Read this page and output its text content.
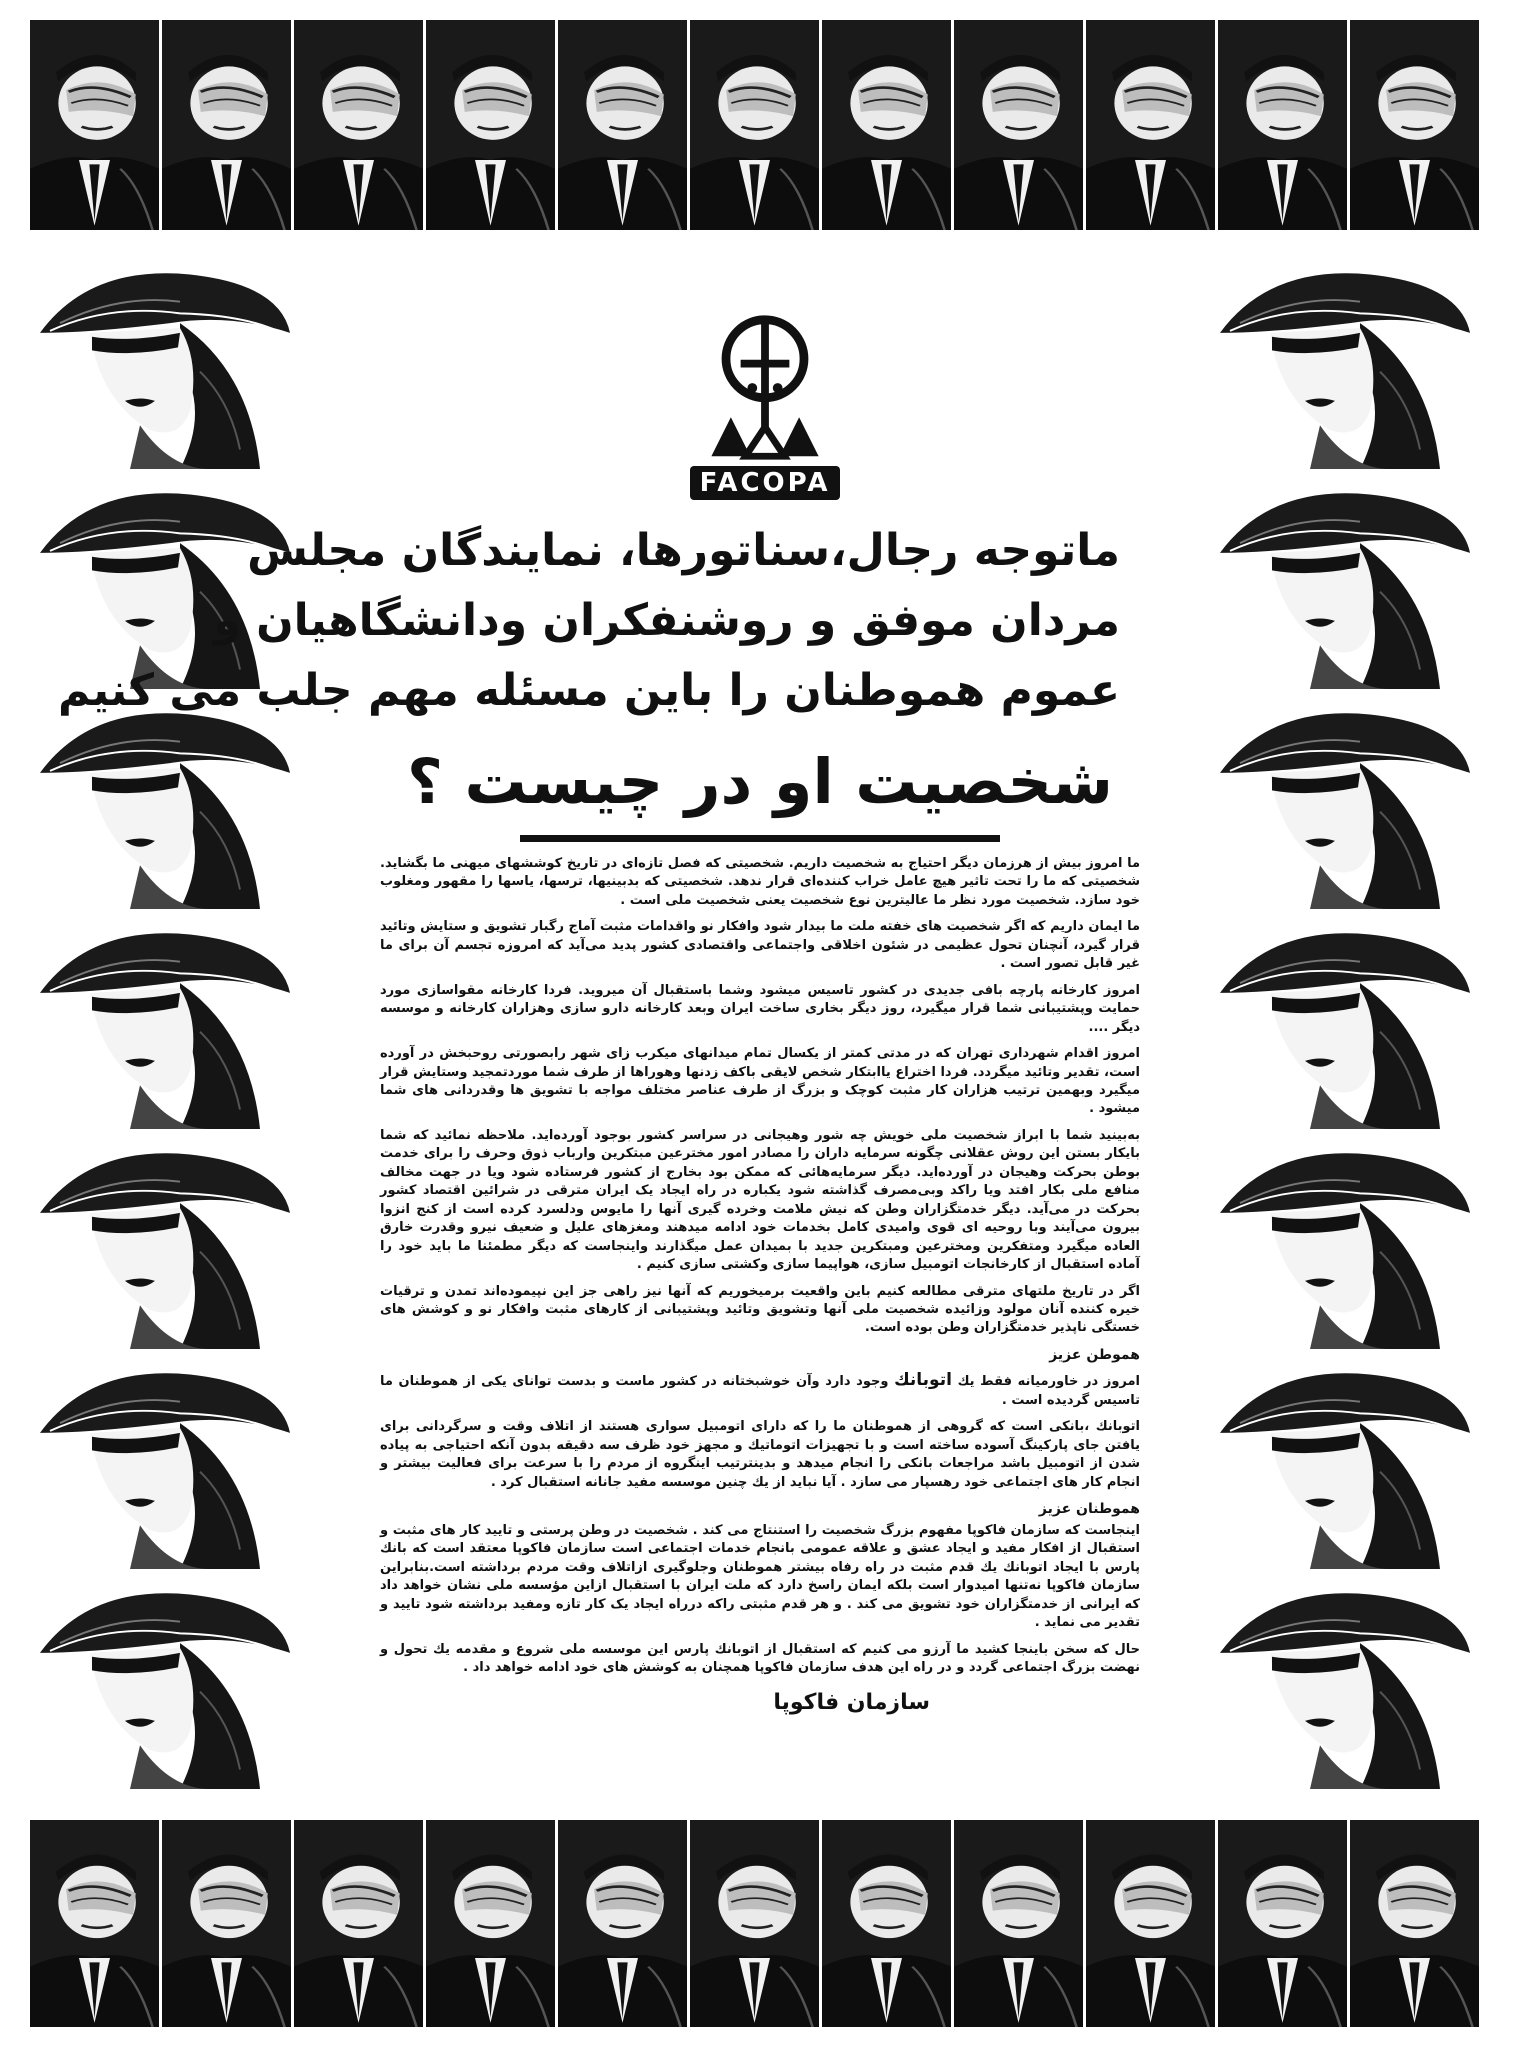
FACOPA
ماتوجه رجال،سناتورها، نمایندگان مجلس
مردان موفق و روشنفکران ودانشگاهیان و
عموم هموطنان را باین مسئله مهم جلب می کنیم
شخصیت او در چیست ؟

ما امروز بیش از هرزمان دیگر احتیاج به شخصیت داریم. شخصیتی که فصل تازه‌ای در تاریخ کوششهای میهنی ما بگشاید. شخصیتی که ما را تحت تاثیر هیچ عامل خراب کننده‌ای قرار ندهد. شخصیتی که بدبینیها، ترسها، یاسها را مقهور ومغلوب خود سازد. شخصیت مورد نظر ما عالیترین نوع شخصیت یعنی شخصیت ملی است .

ما ایمان داریم که اگر شخصیت های خفته ملت ما بیدار شود وافکار نو واقدامات مثبت آماج رگبار تشویق و ستایش وتائید قرار گیرد، آنچنان تحول عظیمی در شئون اخلاقی واجتماعی واقتصادی کشور پدید می‌آید که امروزه تجسم آن برای ما غیر قابل تصور است .

امروز کارخانه پارچه بافی جدیدی در کشور تاسیس میشود وشما باستقبال آن میروید. فردا کارخانه مقواسازی مورد حمایت وپشتیبانی شما قرار میگیرد، روز دیگر بخاری ساخت ایران وبعد کارخانه دارو سازی وهزاران کارخانه و موسسه دیگر ....

امروز اقدام شهرداری تهران که در مدتی کمتر از یکسال تمام میدانهای میکرب زای شهر رابصورتی روحبخش در آورده است، تقدیر وتائید میگردد. فردا اختراع یاابتکار شخص لایقی باکف زدنها وهوراها از طرف شما موردتمجید وستایش قرار میگیرد وبهمین ترتیب هزاران کار مثبت کوچک و بزرگ از طرف عناصر مختلف مواجه با تشویق ها وقدردانی های شما میشود .

به‌بینید شما با ابراز شخصیت ملی خویش چه شور وهیجانی در سراسر کشور بوجود آورده‌اید. ملاحظه نمائید که شما بایکار بستن این روش عقلانی چگونه سرمایه داران را مصادر امور مخترعین مبتکرین وارباب ذوق وحرف را برای خدمت بوطن بحرکت وهیجان در آورده‌اید. دیگر سرمایه‌هائی که ممکن بود بخارج از کشور فرستاده شود ویا در جهت مخالف منافع ملی بکار افتد ویا راکد وبی‌مصرف گذاشته شود یکباره در راه ایجاد یک ایران مترقی در شرائین اقتصاد کشور بحرکت در می‌آید. دیگر خدمتگزاران وطن که نیش ملامت وخرده گیری آنها را مایوس ودلسرد کرده است از کنج انزوا بیرون می‌آیند وبا روحیه ای قوی وامیدی کامل بخدمات خود ادامه میدهند ومغزهای علیل و ضعیف نیرو وقدرت خارق العاده میگیرد ومتفکرین ومخترعین ومبتکرین جدید با بمیدان عمل میگذارند واینجاست که دیگر مطمئنا ما باید خود را آماده استقبال از کارخانجات اتومبیل سازی، هواپیما سازی وکشتی سازی کنیم .

اگر در تاریخ ملتهای مترقی مطالعه کنیم باین واقعیت برمیخوریم که آنها نیز راهی جز این نپیموده‌اند تمدن و ترقیات خیره کننده آنان مولود وزائیده شخصیت ملی آنها وتشویق وتائید وپشتیبانی از کارهای مثبت وافکار نو و کوشش های خستگی ناپذیر خدمتگزاران وطن بوده است.

هموطن عزیز

امروز در خاورمیانه فقط یك اتوبانك وجود دارد وآن خوشبختانه در کشور ماست و بدست توانای یکی از هموطنان ما تاسیس گردیده است .

اتوبانك ،بانکی است که گروهی از هموطنان ما را که دارای اتومبیل سواری هستند از اتلاف وقت و سرگردانی برای یافتن جای پارکینگ آسوده ساخته است و با تجهیزات اتوماتیك و مجهز خود ظرف سه دقیقه بدون آنکه احتیاجی به پیاده شدن از اتومبیل باشد مراجعات بانکی را انجام میدهد و بدینترتیب اینگروه از مردم را با سرعت برای فعالیت بیشتر و انجام کار های اجتماعی خود رهسپار می سازد . آیا نباید از یك چنین موسسه مفید جانانه استقبال کرد .

هموطنان عزیز

اینجاست که سازمان فاکوپا مفهوم بزرگ شخصیت را استنتاج می کند . شخصیت در وطن پرستی و تایید کار های مثبت و استقبال از افکار مفید و ایجاد عشق و علاقه عمومی بانجام خدمات اجتماعی است سازمان فاکوپا معتقد است که بانك پارس با ایجاد اتوبانك یك قدم مثبت در راه رفاه بیشتر هموطنان وجلوگیری ازاتلاف وقت مردم برداشته است.بنابراین سازمان فاکوپا نه‌تنها امیدوار است بلکه ایمان راسخ دارد که ملت ایران با استقبال ازاین مؤسسه ملی نشان خواهد داد که ایرانی از خدمتگزاران خود تشویق می کند . و هر قدم مثبتی راکه درراه ایجاد یک کار تازه ومفید برداشته شود تایید و تقدیر می نماید .

حال که سخن باینجا کشید ما آرزو می کنیم که استقبال از اتوبانك پارس این موسسه ملی شروع و مقدمه یك تحول و نهضت بزرگ اجتماعی گردد و در راه این هدف سازمان فاکوپا همچنان به کوشش های خود ادامه خواهد داد .

سازمان فاکوپا
